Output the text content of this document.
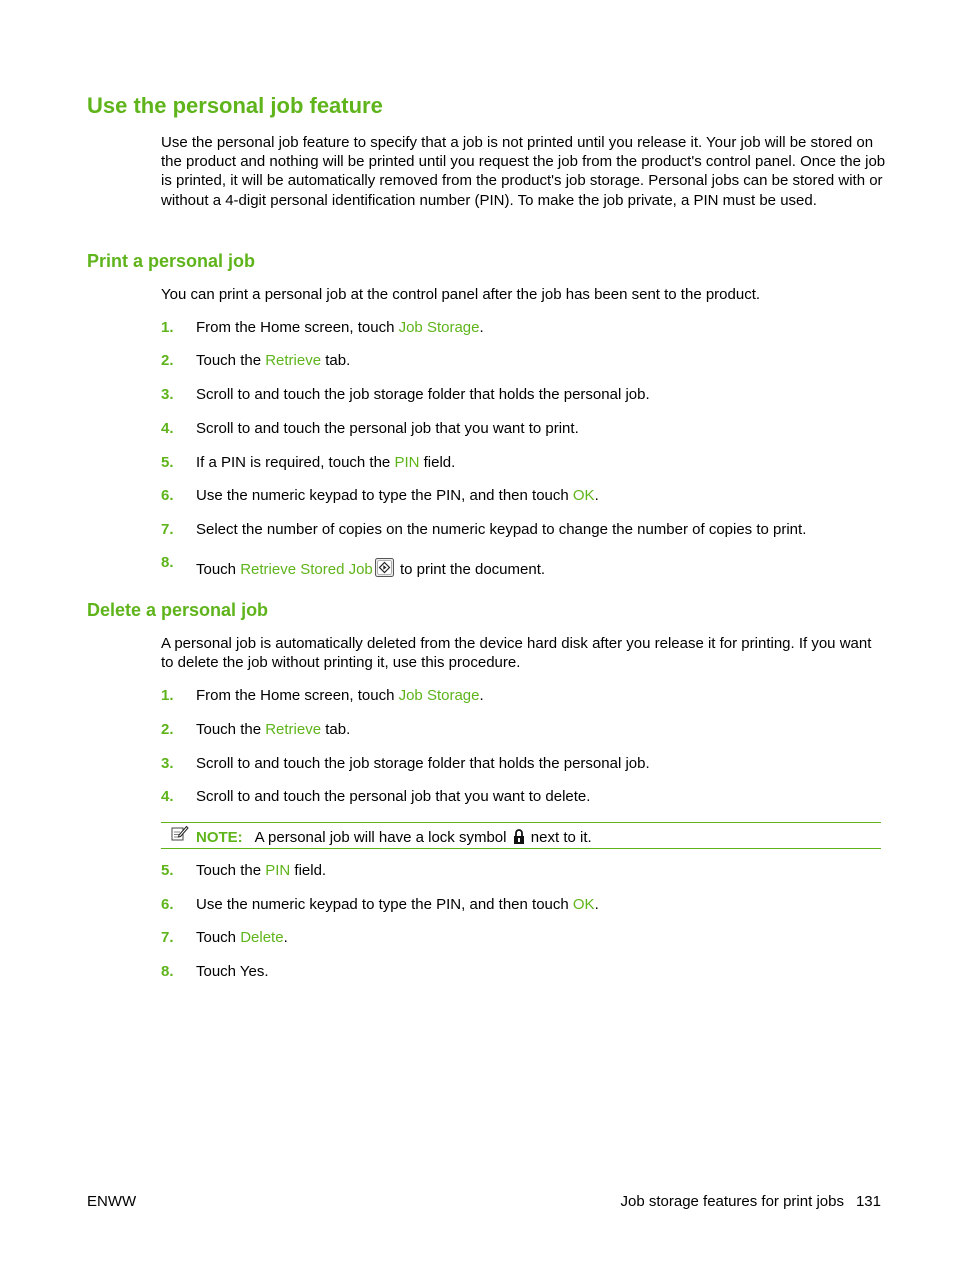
Use the personal job feature

Use the personal job feature to specify that a job is not printed until you release it. Your job will be stored on the product and nothing will be printed until you request the job from the product's control panel. Once the job is printed, it will be automatically removed from the product's job storage. Personal jobs can be stored with or without a 4-digit personal identification number (PIN). To make the job private, a PIN must be used.

Print a personal job

You can print a personal job at the control panel after the job has been sent to the product.

1. From the Home screen, touch Job Storage.
2. Touch the Retrieve tab.
3. Scroll to and touch the job storage folder that holds the personal job.
4. Scroll to and touch the personal job that you want to print.
5. If a PIN is required, touch the PIN field.
6. Use the numeric keypad to type the PIN, and then touch OK.
7. Select the number of copies on the numeric keypad to change the number of copies to print.
8. Touch Retrieve Stored Job to print the document.
Delete a personal job

A personal job is automatically deleted from the device hard disk after you release it for printing. If you want to delete the job without printing it, use this procedure.

1. From the Home screen, touch Job Storage.
2. Touch the Retrieve tab.
3. Scroll to and touch the job storage folder that holds the personal job.
4. Scroll to and touch the personal job that you want to delete.
NOTE: A personal job will have a lock symbol  next to it.
5. Touch the PIN field.
6. Use the numeric keypad to type the PIN, and then touch OK.
7. Touch Delete.
8. Touch Yes.
ENWW	Job storage features for print jobs 131
